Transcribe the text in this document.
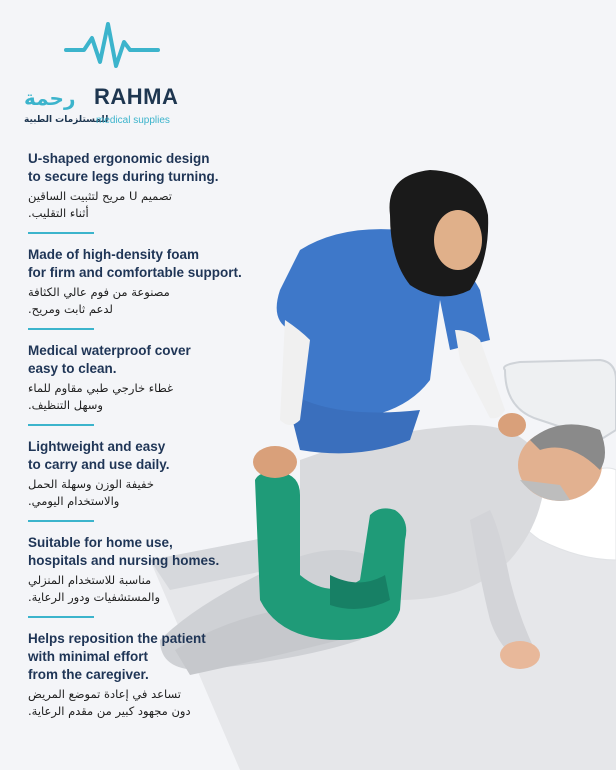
رحمة RAHMA
للمستلزمات الطبية
medical supplies
U-shaped ergonomic design
to secure legs during turning.
تصميم U مريح لتثبيت الساقين
أثناء التقليب.
Made of high-density foam
for firm and comfortable support.
مصنوعة من فوم عالي الكثافة
لدعم ثابت ومريح.
Medical waterproof cover
easy to clean.
غطاء خارجي طبي مقاوم للماء
وسهل التنظيف.
Lightweight and easy
to carry and use daily.
خفيفة الوزن وسهلة الحمل
والاستخدام اليومي.
Suitable for home use,
hospitals and nursing homes.
مناسبة للاستخدام المنزلي
والمستشفيات ودور الرعاية.
Helps reposition the patient
with minimal effort
from the caregiver.
تساعد في إعادة تموضع المريض
دون مجهود كبير من مقدم الرعاية.
